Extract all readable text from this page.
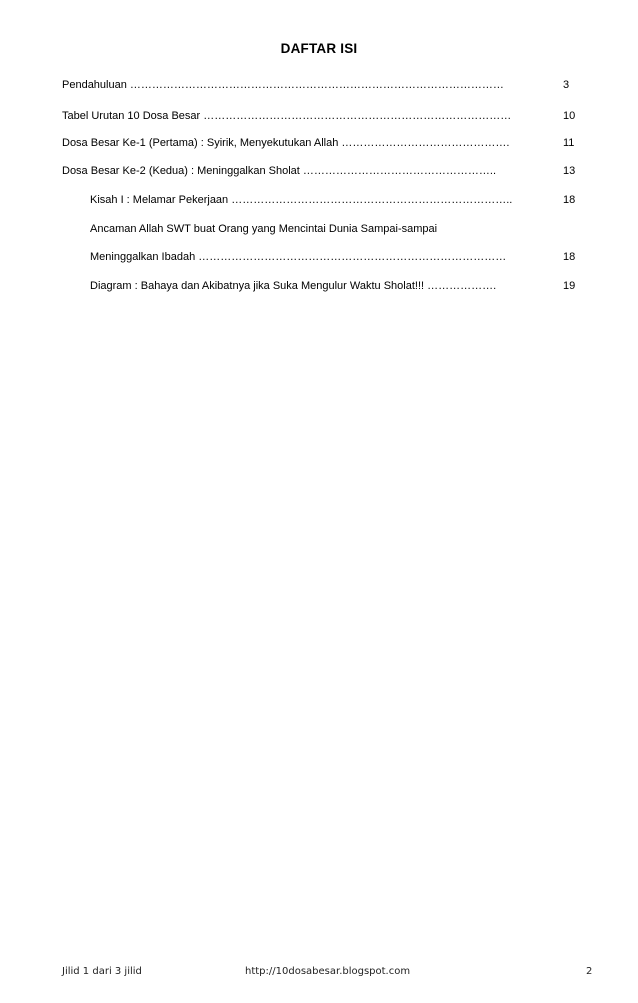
DAFTAR ISI
Pendahuluan …………………………………………………………………………………………	3
Tabel Urutan 10 Dosa Besar …………………………………………………………………………	10
Dosa Besar Ke-1 (Pertama) : Syirik, Menyekutukan Allah ……………………………………….	11
Dosa Besar Ke-2 (Kedua) : Meninggalkan Sholat ……………………………………………..	13
Kisah I : Melamar Pekerjaan …………………………………………………………………..	18
Ancaman Allah SWT buat Orang yang Mencintai Dunia Sampai-sampai
Meninggalkan Ibadah …………………………………………………………………………	18
Diagram : Bahaya dan Akibatnya jika Suka Mengulur Waktu Sholat!!! ……………….	19
Jilid 1 dari 3 jilid	http://10dosabesar.blogspot.com	2
